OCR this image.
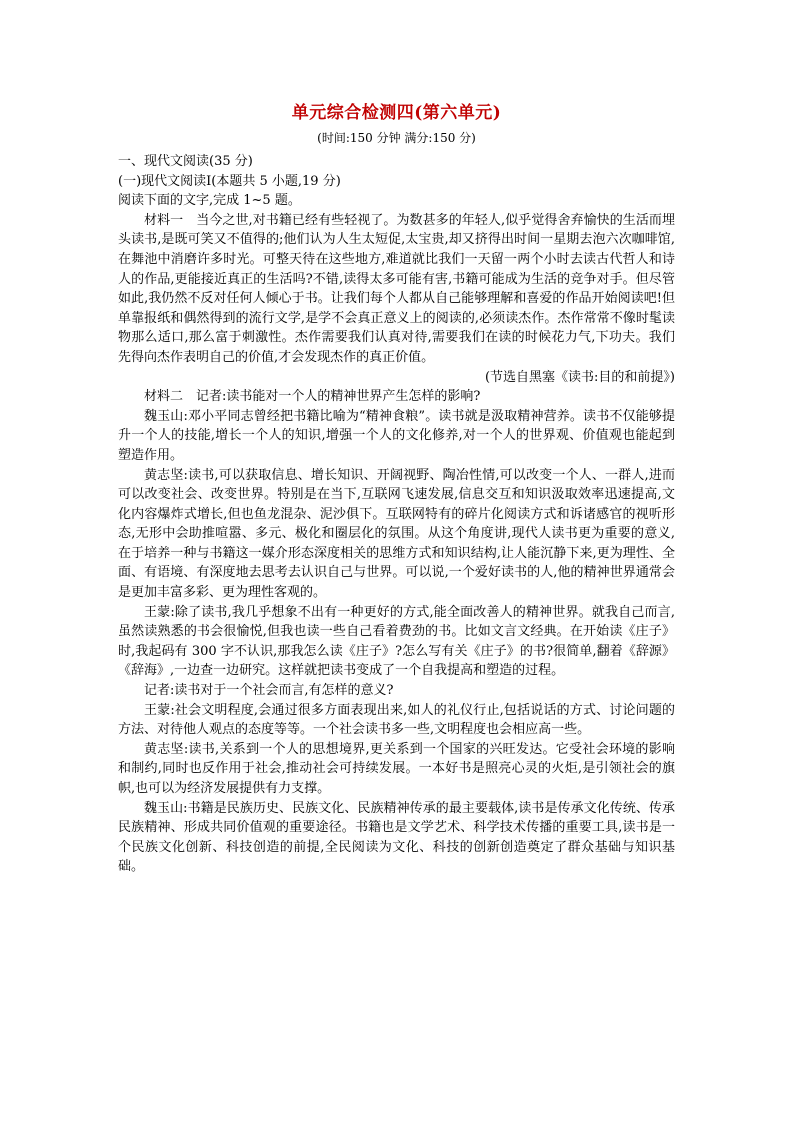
单元综合检测四(第六单元)

(时间:150 分钟 满分:150 分)

一、现代文阅读(35 分)

(一)现代文阅读Ⅰ(本题共 5 小题,19 分)

阅读下面的文字,完成 1~5 题。

材料一　当今之世,对书籍已经有些轻视了。为数甚多的年轻人,似乎觉得舍弃愉快的生活而埋头读书,是既可笑又不值得的;他们认为人生太短促,太宝贵,却又挤得出时间一星期去泡六次咖啡馆,在舞池中消磨许多时光。可整天待在这些地方,难道就比我们一天留一两个小时去读古代哲人和诗人的作品,更能接近真正的生活吗?不错,读得太多可能有害,书籍可能成为生活的竞争对手。但尽管如此,我仍然不反对任何人倾心于书。让我们每个人都从自己能够理解和喜爱的作品开始阅读吧!但单靠报纸和偶然得到的流行文学,是学不会真正意义上的阅读的,必须读杰作。杰作常常不像时髦读物那么适口,那么富于刺激性。杰作需要我们认真对待,需要我们在读的时候花力气,下功夫。我们先得向杰作表明自己的价值,才会发现杰作的真正价值。

(节选自黑塞《读书:目的和前提》)

材料二　记者:读书能对一个人的精神世界产生怎样的影响?

魏玉山:邓小平同志曾经把书籍比喻为“精神食粮”。读书就是汲取精神营养。读书不仅能够提升一个人的技能,增长一个人的知识,增强一个人的文化修养,对一个人的世界观、价值观也能起到塑造作用。

黄志坚:读书,可以获取信息、增长知识、开阔视野、陶冶性情,可以改变一个人、一群人,进而可以改变社会、改变世界。特别是在当下,互联网飞速发展,信息交互和知识汲取效率迅速提高,文化内容爆炸式增长,但也鱼龙混杂、泥沙俱下。互联网特有的碎片化阅读方式和诉诸感官的视听形态,无形中会助推喧嚣、多元、极化和圈层化的氛围。从这个角度讲,现代人读书更为重要的意义,在于培养一种与书籍这一媒介形态深度相关的思维方式和知识结构,让人能沉静下来,更为理性、全面、有语境、有深度地去思考去认识自己与世界。可以说,一个爱好读书的人,他的精神世界通常会是更加丰富多彩、更为理性客观的。

王蒙:除了读书,我几乎想象不出有一种更好的方式,能全面改善人的精神世界。就我自己而言,虽然读熟悉的书会很愉悦,但我也读一些自己看着费劲的书。比如文言文经典。在开始读《庄子》时,我起码有 300 字不认识,那我怎么读《庄子》?怎么写有关《庄子》的书?很简单,翻着《辞源》《辞海》,一边查一边研究。这样就把读书变成了一个自我提高和塑造的过程。

记者:读书对于一个社会而言,有怎样的意义?

王蒙:社会文明程度,会通过很多方面表现出来,如人的礼仪行止,包括说话的方式、讨论问题的方法、对待他人观点的态度等等。一个社会读书多一些,文明程度也会相应高一些。

黄志坚:读书,关系到一个人的思想境界,更关系到一个国家的兴旺发达。它受社会环境的影响和制约,同时也反作用于社会,推动社会可持续发展。一本好书是照亮心灵的火炬,是引领社会的旗帜,也可以为经济发展提供有力支撑。

魏玉山:书籍是民族历史、民族文化、民族精神传承的最主要载体,读书是传承文化传统、传承民族精神、形成共同价值观的重要途径。书籍也是文学艺术、科学技术传播的重要工具,读书是一个民族文化创新、科技创造的前提,全民阅读为文化、科技的创新创造奠定了群众基础与知识基础。
